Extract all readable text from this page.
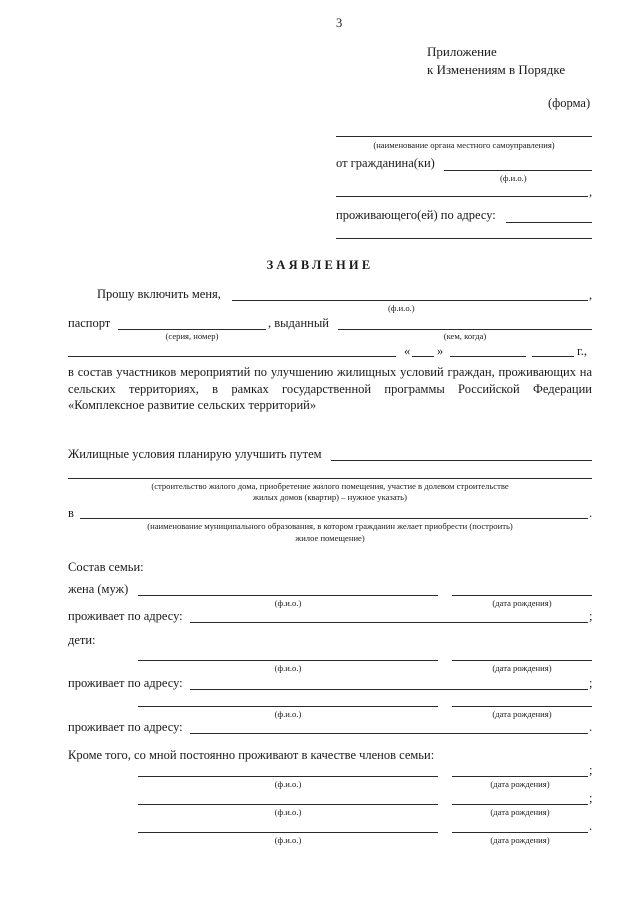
3
Приложение
к Изменениям в Порядке
(форма)
(наименование органа местного самоуправления)
от гражданина(ки)
(ф.и.о.)
,
проживающего(ей) по адресу:
ЗАЯВЛЕНИЕ
Прошу включить меня,	,
(ф.и.о.)
паспорт	, выданный
(серия, номер)	(кем, когда)
« »	г.,
в состав участников мероприятий по улучшению жилищных условий граждан, проживающих на сельских территориях, в рамках государственной программы Российской Федерации «Комплексное развитие сельских территорий»
Жилищные условия планирую улучшить путем
(строительство жилого дома, приобретение жилого помещения, участие в долевом строительстве
жилых домов (квартир) – нужное указать)
в	.
(наименование муниципального образования, в котором гражданин желает приобрести (построить)
жилое помещение)
Состав семьи:
жена (муж)
(ф.и.о.)	(дата рождения)
проживает по адресу:	;
дети:
(ф.и.о.)	(дата рождения)
проживает по адресу:	;
(ф.и.о.)	(дата рождения)
проживает по адресу:	.
Кроме того, со мной постоянно проживают в качестве членов семьи:
;
(ф.и.о.)	(дата рождения)
;
(ф.и.о.)	(дата рождения)
.
(ф.и.о.)	(дата рождения)
